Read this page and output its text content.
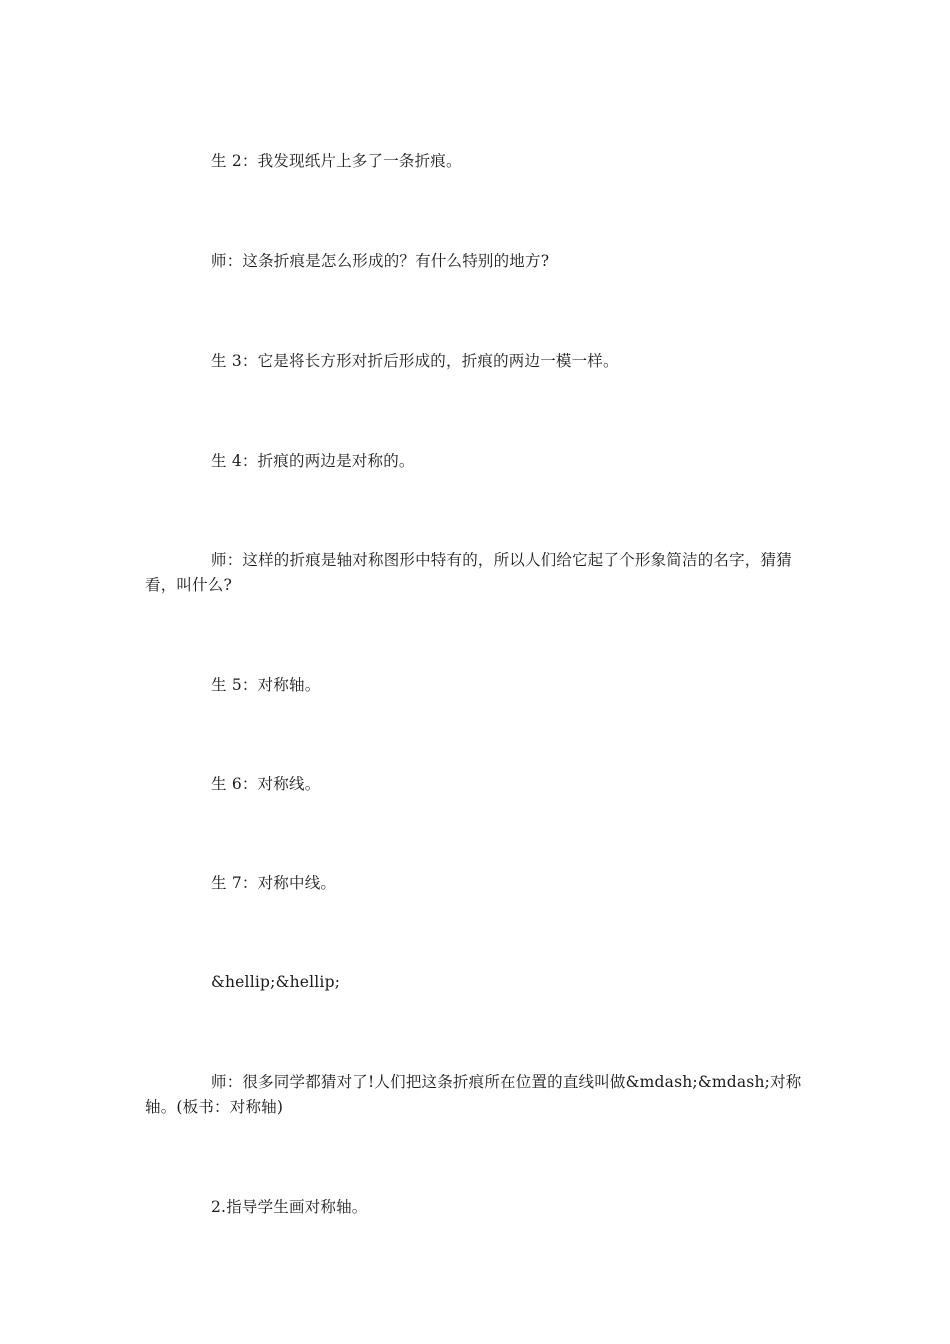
生 2：我发现纸片上多了一条折痕。

师：这条折痕是怎么形成的？有什么特别的地方?

生 3：它是将长方形对折后形成的，折痕的两边一模一样。

生 4：折痕的两边是对称的。

师：这样的折痕是轴对称图形中特有的，所以人们给它起了个形象简洁的名字，猜猜看，叫什么?

生 5：对称轴。

生 6：对称线。

生 7：对称中线。

&hellip;&hellip;

师：很多同学都猜对了!人们把这条折痕所在位置的直线叫做&mdash;&mdash;对称轴。(板书：对称轴)

2.指导学生画对称轴。
